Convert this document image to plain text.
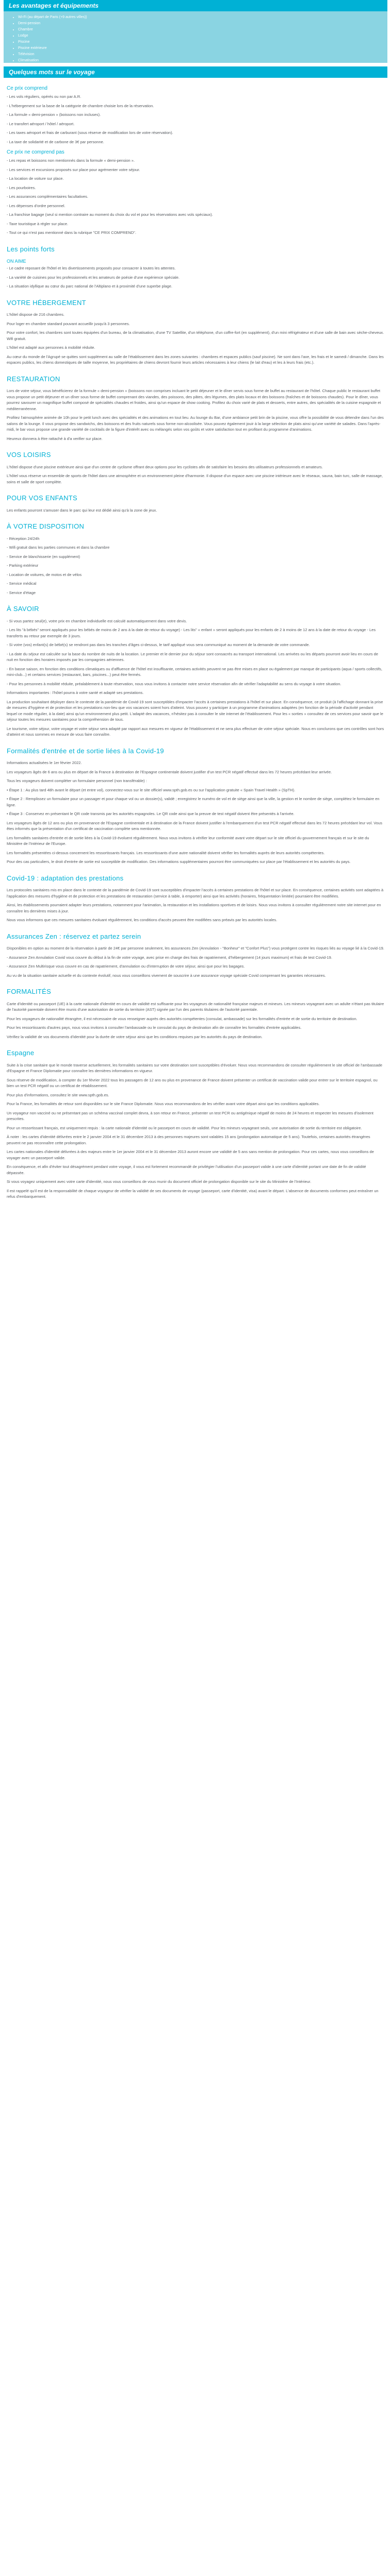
Les avantages et équipements
• Wi-Fi (au départ de Paris (+9 autres villes))
• Demi-pension
• Chambre
• Lodge
• Piscine
• Piscine extérieure
• Télévision
• Climatisation
Quelques mots sur le voyage
Ce prix comprend

- Les vols réguliers, opérés ou non par A.R.

- L'hébergement sur la base de la catégorie de chambre choisie lors de la réservation.

- La formule « demi-pension » (boissons non incluses).

- Le transfert aéroport / hôtel / aéroport.

- Les taxes aéroport et frais de carburant (sous réserve de modification lors de votre réservation).

- La taxe de solidarité et de carbone de 3€ par personne.

Ce prix ne comprend pas

- Les repas et boissons non mentionnés dans la formule « demi-pension ».

- Les services et excursions proposés sur place pour agrémenter votre séjour.

- La location de voiture sur place.

- Les pourboires.

- Les assurances complémentaires facultatives.

- Les dépenses d'ordre personnel.

- La franchise bagage (seul si mention contraire au moment du choix du vol et pour les réservations avec vols spéciaux).

- Taxe touristique à régler sur place.

- Tout ce qui n'est pas mentionné dans la rubrique "CE PRIX COMPREND".

Les points forts
ON AIME

- Le cadre reposant de l'hôtel et les divertissements proposés pour consacrer à toutes les attentes.

- La variété de cuisines pour les professionnels et les amateurs de poésie d'une expérience spéciale.

- La situation idyllique au cœur du parc national de l'Altiplano et à proximité d'une superbe plage.

VOTRE HÉBERGEMENT

L'hôtel dispose de 216 chambres.

Pour loger en chambre standard pouvant accueillir jusqu'à 3 personnes.

Pour votre confort, les chambres sont toutes équipées d'un bureau, de la climatisation, d'une TV Satellite, d'un téléphone, d'un coffre-fort (en supplément), d'un mini réfrigérateur et d'une salle de bain avec sèche-cheveux. Wifi gratuit.

L'hôtel est adapté aux personnes à mobilité réduite.

Au cœur du monde de l'Agrupé se quittes sont supplément au salle de l'établissement dans les zones suivantes : chambres et espaces publics (sauf piscine). Ne sont dans l'axe, les frais et le samedi / dimanche. Dans les espaces publics, les chiens domestiques de taille moyenne, les propriétaires de chiens devront fournir leurs articles nécessaires à leur chiens (le lait d'eau) et les à leurs frais (etc.).

RESTAURATION

Lors de votre séjour, vous bénéficierez de la formule « demi-pension » (boissons non comprises incluant le petit déjeuner et le dîner servis sous forme de buffet au restaurant de l'hôtel. Chaque public le restaurant buffet vous propose un petit déjeuner et un dîner sous forme de buffet comprenant des viandes, des poissons, des pâtes, des légumes, des plats locaux et des boissons (fraîches et de boissons chaudes). Pour le dîner, vous pourrez savourer un magnifique buffet composé de spécialités chaudes et froides, ainsi qu'un espace de show cooking. Profitez du choix varié de plats et desserts, entre autres, des spécialités de la cuisine espagnole et méditerranéenne.

Profitez l'atmosphère animée de 10h pour le petit lunch avec des spécialités et des animations en tout lieu. Au lounge du Bar, d'une ambiance petit brin de la piscine, vous offre la possibilité de vous détendre dans l'un des salons de la lounge. Il vous propose des sandwichs, des boissons et des fruits naturels sous forme non-alcoolisée. Vous pouvez également jouir à la large sélection de plats ainsi qu'une variété de salades. Dans l'après-midi, le bar vous propose une grande variété de cocktails de la figure d'intérêt avec ou mélangés selon vos goûts et votre satisfaction tout en profitant du programme d'animations.

Heureux donnera à être rattaché à d'a verifier sur place.

VOS LOISIRS

L'hôtel dispose d'une piscine extérieure ainsi que d'un centre de cyclisme offrant deux options pour les cyclistes afin de satisfaire les besoins des utilisateurs professionnels et amateurs.

L'hôtel vous réserve un ensemble de sports de l'hôtel dans une atmosphère et un environnement pleine d'harmonie. Il dispose d'un espace avec une piscine intérieure avec le réseaux, sauna, bain turc, salle de massage, soins et salle de sport complète.

POUR VOS ENFANTS

Les enfants pourront s'amuser dans le parc qui leur est dédié ainsi qu'à la zone de jeux.

À VOTRE DISPOSITION

- Réception 24/24h

- Wifi gratuit dans les parties communes et dans la chambre

- Service de blanchisserie (en supplément)

- Parking extérieur

- Location de voitures, de motos et de vélos

- Service médical

- Service d'étage

À SAVOIR

- Si vous partez seul(e), votre prix en chambre individuelle est calculé automatiquement dans votre devis.

- Les lits "à bébés" seront appliqués pour les bébés de moins de 2 ans à la date de retour du voyage) - Les lits" « enfant » seront appliqués pour les enfants de 2 à moins de 12 ans à la date de retour du voyage - Les transferts au retour par exemple de 3 jours.

- Si votre (vos) enfant(s) de bébé(s) se rendront pas dans les tranches d'âges ci-dessus, le tarif appliqué vous sera communiqué au moment de la demande de votre commande.

- La date du séjour est calculée sur la base du nombre de nuits de la location. Le premier et le dernier jour du séjour sont consacrés au transport international. Les arrivées ou les départs pourront avoir lieu en cours de nuit en fonction des horaires imposés par les compagnies aériennes.

- En basse saison, en fonction des conditions climatiques ou d'affluence de l'hôtel est insuffisante, certaines activités peuvent ne pas être mises en place ou également par manque de participants (aqua / sports collectifs, mini-club...) et certains services (restaurant, bars, piscines...) peut être fermés.

- Pour les personnes à mobilité réduite, préalablement à toute réservation, nous vous invitons à contacter notre service réservation afin de vérifier l'adaptabilité au sens du voyage à votre situation.

Informations importantes : l'hôtel pourra à votre santé et adapté ses prestations.

La production souhaitant déployer dans le contexte de la pandémie de Covid-19 sont susceptibles d'impacter l'accès à certaines prestations à l'hôtel et sur place. En conséquence, ce produit (à l'affichage donnant la prise de mesures d'hygiène et de protection et les prestations non-lieu que vos vacances soient hors d'atteint. Vous pouvez y participer à un programme d'animations adaptées (en fonction de la période d'activité pendant lequel ce mode régulier, à la date) ainsi qu'un environnement plus petit. L'adapté des vacances, n'hésitez pas à consulter le site internet de l'établissement. Pour les « sorties » consultez de ces services pour savoir que le séjour toutes les mesures sanitaires pour la compréhension de tous.

Le tourisme, votre séjour, votre voyage et votre séjour sera adapté par rapport aux mesures en vigueur de l'établissement et ne sera plus effectuer de votre séjour spéciale. Nous en conclurons que ces contrôles sont hors d'atteint et nous sommes en mesure de vous faire connaître.

Formalités d'entrée et de sortie liées à la Covid-19

Informations actualisées le 1er février 2022.

Les voyageurs âgés de 6 ans ou plus en départ de la France à destination de l'Espagne continentale doivent justifier d'un test PCR négatif effectué dans les 72 heures précédant leur arrivée.

Tous les voyageurs doivent compléter un formulaire personnel (non transférable) :

• Étape 1 : Au plus tard 48h avant le départ (et entre vol), connectez-vous sur le site officiel www.spth.gob.es ou sur l'application gratuite « Spain Travel Health » (SpTH).

• Étape 2 : Remplissez un formulaire pour un passager et pour chaque vol ou un dossier(s), validé ; enregistrez le numéro de vol et de siège ainsi que la ville, la gestion et le nombre de siège, complétez le formulaire en ligne.

• Étape 3 : Conservez en présentant le QR code transmis par les autorités espagnoles. Le QR code ainsi que la preuve de test négatif doivent être présentés à l'arrivée.

Les voyageurs âgés de 12 ans ou plus en provenance de l'Espagne continentale et à destination de la France doivent justifier à l'embarquement d'un test PCR négatif effectué dans les 72 heures précédant leur vol. Vous êtes informés que la présentation d'un certificat de vaccination complète sera mentionnée.

Les formalités sanitaires d'entrée et de sortie liées à la Covid-19 évoluent régulièrement. Nous vous invitons à vérifier leur conformité avant votre départ sur le site officiel du gouvernement français et sur le site du Ministère de l'Intérieur de l'Europe.

Les formalités présentées ci-dessus concernent les ressortissants français. Les ressortissants d'une autre nationalité doivent vérifier les formalités auprès de leurs autorités compétentes.

Pour des cas particuliers, le droit d'entrée de sortie est susceptible de modification. Des informations supplémentaires pourront être communiquées sur place par l'établissement et les autorités du pays.

Covid-19 : adaptation des prestations

Les protocoles sanitaires mis en place dans le contexte de la pandémie de Covid-19 sont susceptibles d'impacter l'accès à certaines prestations de l'hôtel et sur place. En conséquence, certaines activités sont adaptées à l'application des mesures d'hygiène et de protection et les prestations de restauration (service à table, à emporter) ainsi que les activités (horaires, fréquentation limitée) pourraient être modifiées.

Ainsi, les établissements pourraient adapter leurs prestations, notamment pour l'animation, la restauration et les installations sportives et de loisirs. Nous vous invitons à consulter régulièrement notre site internet pour en connaître les dernières mises à jour.

Nous vous informons que ces mesures sanitaires évoluant régulièrement, les conditions d'accès peuvent être modifiées sans préavis par les autorités locales.

Assurances Zen : réservez et partez serein

Disponibles en option au moment de la réservation à partir de 24€ par personne seulement, les assurances Zen (Annulation - "Bonheur" et "Confort Plus") vous protègent contre les risques liés au voyage lié à la Covid-19.

- Assurance Zen Annulation Covid vous couvre du début à la fin de votre voyage, avec prise en charge des frais de rapatriement, d'hébergement (14 jours maximum) et frais de test Covid-19.

- Assurance Zen Multirisque vous couvre en cas de rapatriement, d'annulation ou d'interruption de votre séjour, ainsi que pour les bagages.

Au vu de la situation sanitaire actuelle et du contexte évolutif, nous vous conseillons vivement de souscrire à une assurance voyage spéciale Covid comprenant les garanties nécessaires.

FORMALITÉS

Carte d'identité ou passeport (UE) à la carte nationale d'identité en cours de validité est suffisante pour les voyageurs de nationalité française majeurs et mineurs. Les mineurs voyageant avec un adulte n'étant pas titulaire de l'autorité parentale doivent être munis d'une autorisation de sortie du territoire (AST) signée par l'un des parents titulaires de l'autorité parentale.

Pour les voyageurs de nationalité étrangère, il est nécessaire de vous renseigner auprès des autorités compétentes (consulat, ambassade) sur les formalités d'entrée et de sortie du territoire de destination.

Pour les ressortissants d'autres pays, nous vous invitons à consulter l'ambassade ou le consulat du pays de destination afin de connaître les formalités d'entrée applicables.

Vérifiez la validité de vos documents d'identité pour la durée de votre séjour ainsi que les conditions requises par les autorités du pays de destination.

Espagne

Suite à la crise sanitaire que le monde traverse actuellement, les formalités sanitaires sur votre destination sont susceptibles d'évoluer. Nous vous recommandons de consulter régulièrement le site officiel de l'ambassade d'Espagne et France Diplomatie pour connaître les dernières informations en vigueur.

Sous réserve de modification, à compter du 1er février 2022 tous les passagers de 12 ans ou plus en provenance de France doivent présenter un certificat de vaccination valide pour entrer sur le territoire espagnol, ou bien un test PCR négatif ou un certificat de rétablissement.

Pour plus d'informations, consultez le site www.spth.gob.es.

Pour la France, les formalités de retour sont disponibles sur le site France Diplomatie. Nous vous recommandons de les vérifier avant votre départ ainsi que les conditions applicables.

Un voyageur non vacciné ou ne présentant pas un schéma vaccinal complet devra, à son retour en France, présenter un test PCR ou antigénique négatif de moins de 24 heures et respecter les mesures d'isolement prescrites.

Pour un ressortissant français, est uniquement requis : la carte nationale d'identité ou le passeport en cours de validité. Pour les mineurs voyageant seuls, une autorisation de sortie du territoire est obligatoire.

À noter : les cartes d'identité délivrées entre le 2 janvier 2004 et le 31 décembre 2013 à des personnes majeures sont valables 15 ans (prolongation automatique de 5 ans). Toutefois, certaines autorités étrangères peuvent ne pas reconnaître cette prolongation.

Les cartes nationales d'identité délivrées à des majeurs entre le 1er janvier 2004 et le 31 décembre 2013 auront encore une validité de 5 ans sans mention de prolongation. Pour ces cartes, nous vous conseillons de voyager avec un passeport valide.

En conséquence, et afin d'éviter tout désagrément pendant votre voyage, il vous est fortement recommandé de privilégier l'utilisation d'un passeport valide à une carte d'identité portant une date de fin de validité dépassée.

Si vous voyagez uniquement avec votre carte d'identité, nous vous conseillons de vous munir du document officiel de prolongation disponible sur le site du Ministère de l'Intérieur.

Il est rappelé qu'il est de la responsabilité de chaque voyageur de vérifier la validité de ses documents de voyage (passeport, carte d'identité, visa) avant le départ. L'absence de documents conformes peut entraîner un refus d'embarquement.
